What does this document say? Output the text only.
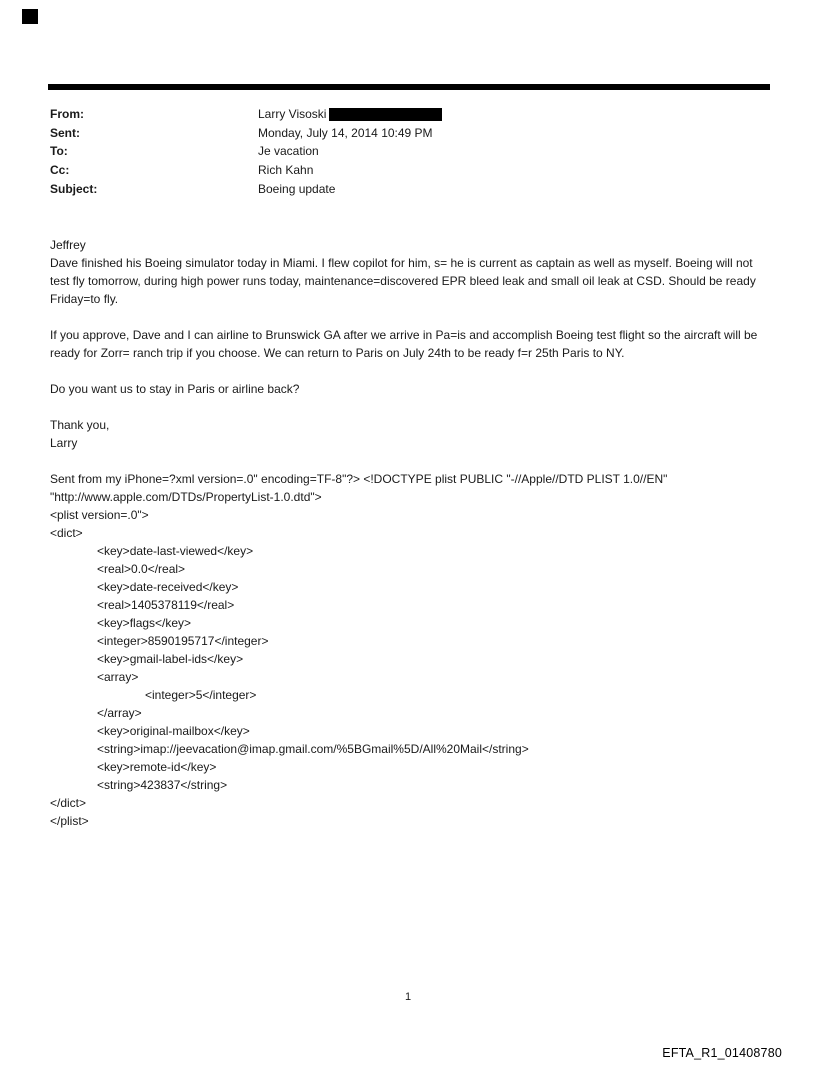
From:	Larry Visoski
Sent:	Monday, July 14, 2014 10:49 PM
To:	Je vacation
Cc:	Rich Kahn
Subject:	Boeing update
Jeffrey
Dave finished his Boeing simulator today in Miami. I flew copilot for him, s= he is current as captain as well as myself. Boeing will not test fly tomorrow, during high power runs today, maintenance=discovered EPR bleed leak and small oil leak at CSD. Should be ready Friday=to fly.
If you approve, Dave and I can airline to Brunswick GA after we arrive in Pa=is and accomplish Boeing test flight so the aircraft will be ready for Zorr= ranch trip if you choose. We can return to Paris on July 24th to be ready f=r 25th Paris to NY.
Do you want us to stay in Paris or airline back?
Thank you,
Larry
Sent from my iPhone=?xml version=.0" encoding=TF-8"?> <!DOCTYPE plist PUBLIC "-//Apple//DTD PLIST 1.0//EN" "http://www.apple.com/DTDs/PropertyList-1.0.dtd">
<plist version=.0">
<dict>
<key>date-last-viewed</key>
<real>0.0</real>
<key>date-received</key>
<real>1405378119</real>
<key>flags</key>
<integer>8590195717</integer>
<key>gmail-label-ids</key>
<array>
<integer>5</integer>
</array>
<key>original-mailbox</key>
<string>imap://jeevacation@imap.gmail.com/%5BGmail%5D/All%20Mail</string>
<key>remote-id</key>
<string>423837</string>
</dict>
</plist>
1
EFTA_R1_01408780
